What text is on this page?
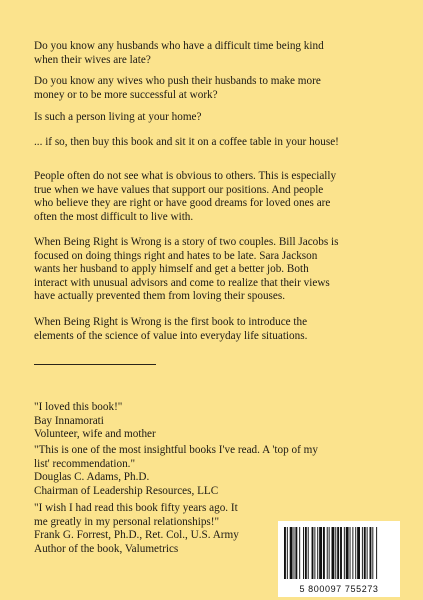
Do you know any husbands who have a difficult time being kind
when their wives are late?

Do you know any wives who push their husbands to make more
money or to be more successful at work?

Is such a person living at your home?

... if so, then buy this book and sit it on a coffee table in your house!

People often do not see what is obvious to others. This is especially
true when we have values that support our positions. And people
who believe they are right or have good dreams for loved ones are
often the most difficult to live with.

When Being Right is Wrong is a story of two couples. Bill Jacobs is
focused on doing things right and hates to be late. Sara Jackson
wants her husband to apply himself and get a better job. Both
interact with unusual advisors and come to realize that their views
have actually prevented them from loving their spouses.

When Being Right is Wrong is the first book to introduce the
elements of the science of value into everyday life situations.

"I loved this book!"
Bay Innamorati
Volunteer, wife and mother

"This is one of the most insightful books I've read. A 'top of my
list' recommendation."
Douglas C. Adams, Ph.D.
Chairman of Leadership Resources, LLC

"I wish I had read this book fifty years ago. It
me greatly in my personal relationships!"
Frank G. Forrest, Ph.D., Ret. Col., U.S. Army
Author of the book, Valumetrics

5 800097 755273
